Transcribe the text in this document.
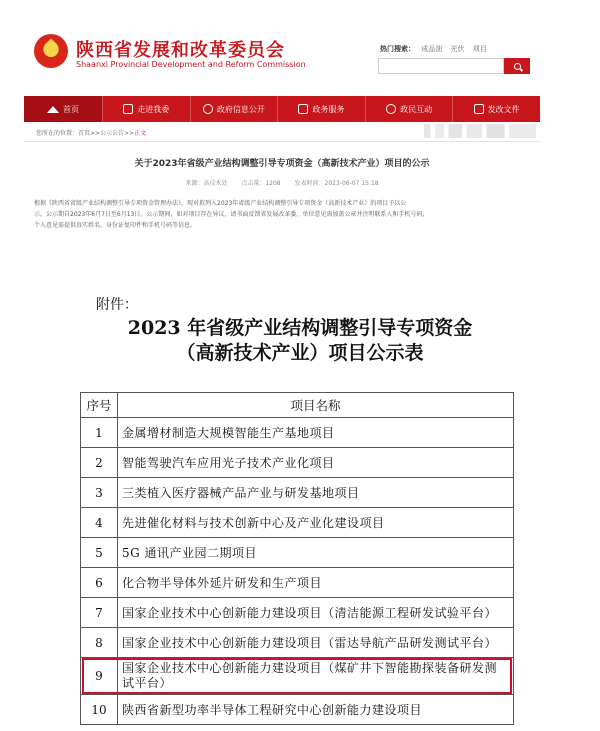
陕西省发展和改革委员会
Shaanxi Provincial Development and Reform Commission
热门搜索： 成品油 光伏 项目
首页	走进我委	政府信息公开	政务服务	政民互动	发改文件
您所在的位置：首页>>公示公告>>正文
关于2023年省级产业结构调整引导专项资金（高新技术产业）项目的公示
来源：高技术处 点击量：1208 发表时间：2023-06-07 15:18

根据《陕西省省级产业结构调整引导专项资金管理办法》，现对拟列入2023年省级产业结构调整引导专项资金（高新技术产业）的项目予以公

示。公示期自2023年6月7日至6月13日。公示期间，如对项目存在异议，请书面反馈省发展改革委。单位意见需加盖公章并注明联系人和手机号码，

个人意见需提供真实姓名、身份证复印件和手机号码等信息。

附件：
2023 年省级产业结构调整引导专项资金
（高新技术产业）项目公示表
序号	项目名称
1	金属增材制造大规模智能生产基地项目
2	智能驾驶汽车应用光子技术产业化项目
3	三类植入医疗器械产品产业与研发基地项目
4	先进催化材料与技术创新中心及产业化建设项目
5	5G 通讯产业园二期项目
6	化合物半导体外延片研发和生产项目
7	国家企业技术中心创新能力建设项目（清洁能源工程研发试验平台）
8	国家企业技术中心创新能力建设项目（雷达导航产品研发测试平台）
9	国家企业技术中心创新能力建设项目（煤矿井下智能勘探装备研发测试平台）
10	陕西省新型功率半导体工程研究中心创新能力建设项目
